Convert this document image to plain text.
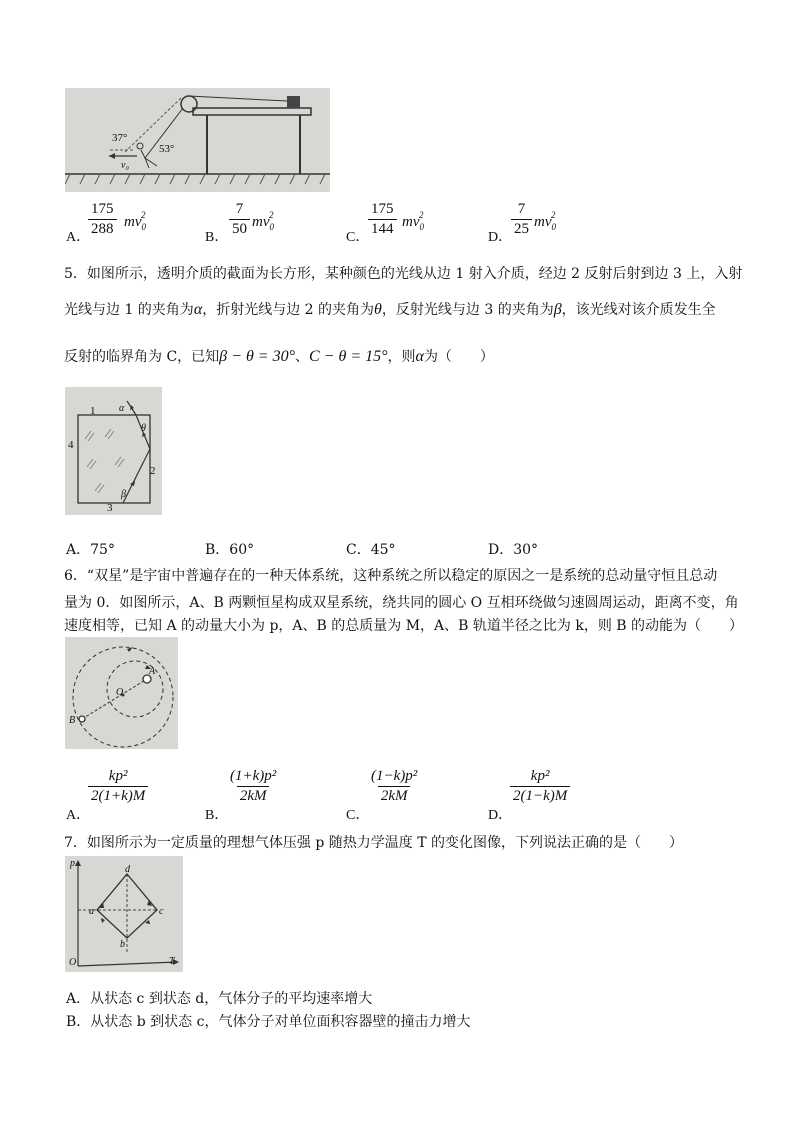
37°
53°
v₀
A．
$\frac{175}{288} mv_0^2$
B． $\frac{7}{50} mv_0^2$
C．
$\frac{175}{144} mv_0^2$
D．
$\frac{7}{25} mv_0^2$
5．如图所示，透明介质的截面为长方形，某种颜色的光线从边 1 射入介质，经边 2 反射后射到边 3 上，入射
光线与边 1 的夹角为α，折射光线与边 2 的夹角为θ，反射光线与边 3 的夹角为β，该光线对该介质发生全
反射的临界角为 C，已知β − θ = 30°、C − θ = 15°，则α为（　　）
1
2
3
4
α
θ
β
A．75°	B．60°	C．45°	D．30°
6．“双星”是宇宙中普遍存在的一种天体系统，这种系统之所以稳定的原因之一是系统的总动量守恒且总动
量为 0．如图所示，A、B 两颗恒星构成双星系统，绕共同的圆心 O 互相环绕做匀速圆周运动，距离不变，角
速度相等，已知 A 的动量大小为 p，A、B 的总质量为 M，A、B 轨道半径之比为 k，则 B 的动能为（　　）
A
B
O
A．
$\frac{\text{kp²}}{2(1+k)M}$
B．
$\frac{\text{(1+k)p²}}{2kM}$
C．
$\frac{\text{(1−k)p²}}{2kM}$
D．
$\frac{\text{kp²}}{2(1-k)M}$
7．如图所示为一定质量的理想气体压强 p 随热力学温度 T 的变化图像，下列说法正确的是（　　）
p
T
O
a
b
c
d
A．从状态 c 到状态 d，气体分子的平均速率增大
B．从状态 b 到状态 c，气体分子对单位面积容器壁的撞击力增大
